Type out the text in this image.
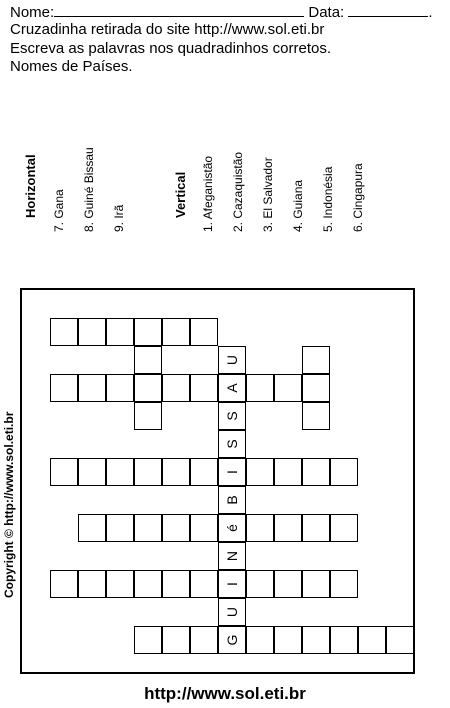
Nome:	Data:	.
Cruzadinha retirada do site http://www.sol.eti.br
Escreva as palavras nos quadradinhos corretos.
Nomes de Países.
Horizontal 7. Gana 8. Guiné Bissau 9. Irã
Vertical 1. Afeganistão 2. Cazaquistão 3. El Salvador 4. Guiana 5. Indonésia 6. Cingapura
A
I
é
I
G
U
S
S
B
N
U
Copyright © http://www.sol.eti.br
http://www.sol.eti.br
